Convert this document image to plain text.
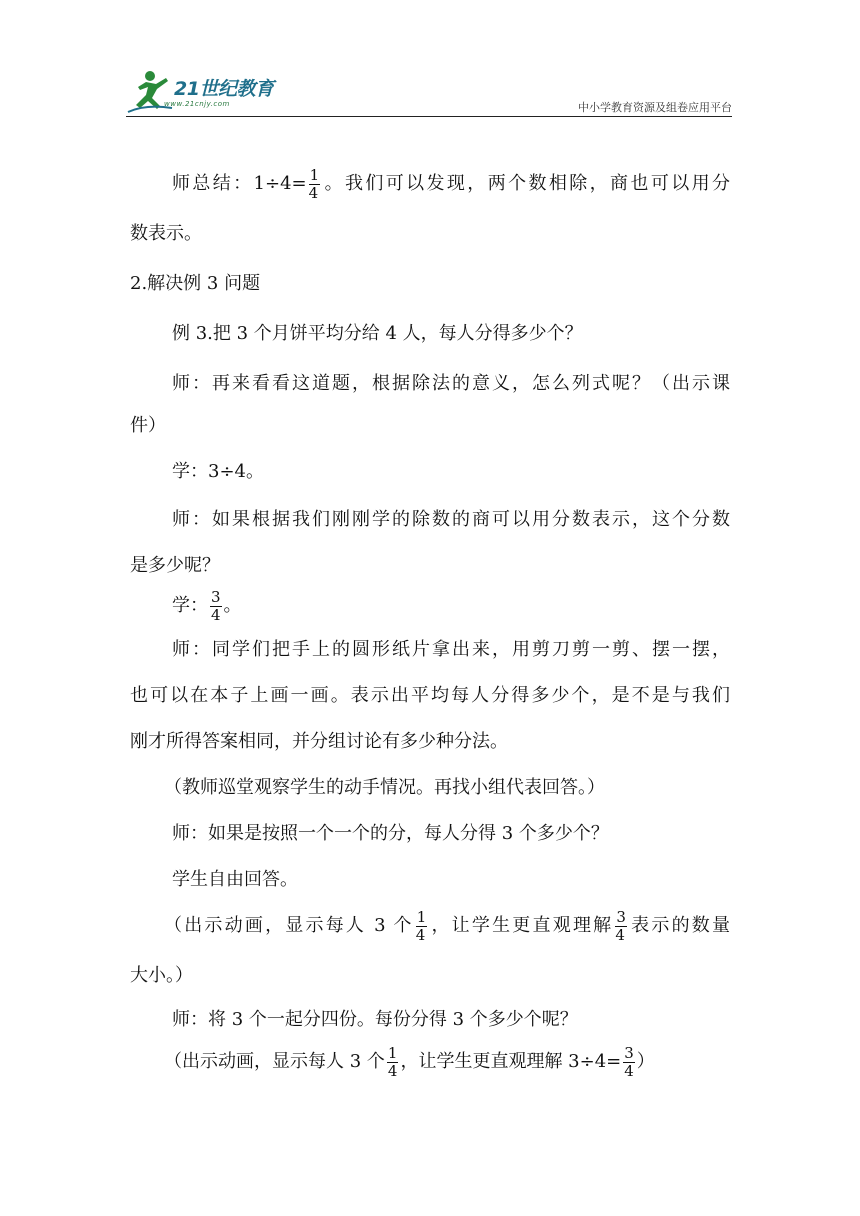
21世纪教育
www.21cnjy.com	中小学教育资源及组卷应用平台
师总结：$1\div 4= \frac{1}{4}$ 。我们可以发现，两个数相除，商也可以用分
数表示。
2.解决例 3 问题
例 3.把 3 个月饼平均分给 4 人，每人分得多少个？
师：再来看看这道题，根据除法的意义，怎么列式呢？（出示课
件）
学：3÷4。
师：如果根据我们刚刚学的除数的商可以用分数表示，这个分数
是多少呢？
学： $\frac{3}{4}$ 。
师：同学们把手上的圆形纸片拿出来，用剪刀剪一剪、摆一摆，
也可以在本子上画一画。表示出平均每人分得多少个，是不是与我们
刚才所得答案相同，并分组讨论有多少种分法。
（教师巡堂观察学生的动手情况。再找小组代表回答。）
师：如果是按照一个一个的分，每人分得 3 个多少个？
学生自由回答。
（出示动画，显示每人 3 个 $\frac{1}{4}$ ，让学生更直观理解 $\frac{3}{4}$ 表示的数量
大小。）
师：将 3 个一起分四份。每份分得 3 个多少个呢？
（出示动画，显示每人 3 个 $\frac{1}{4}$ ，让学生更直观理解 $3\div 4= \frac{3}{4}$ ）
